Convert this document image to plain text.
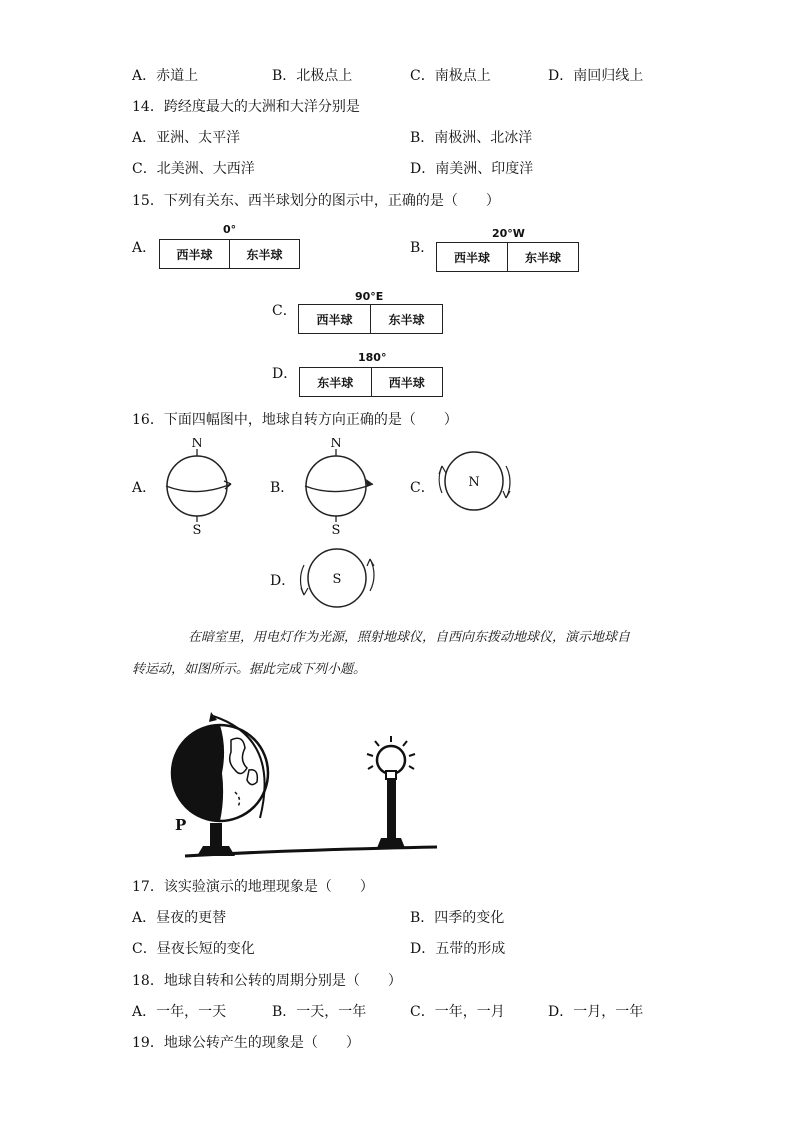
A．赤道上	B．北极点上	C．南极点上	D．南回归线上
14．跨经度最大的大洲和大洋分别是
A．亚洲、太平洋	B．南极洲、北冰洋
C．北美洲、大西洋	D．南美洲、印度洋
15．下列有关东、西半球划分的图示中，正确的是（　　）
A．
0°
西半球	东半球	B．
20°W
西半球	东半球
C．
90°E
西半球	东半球
D．
180°
东半球	西半球
16．下面四幅图中，地球自转方向正确的是（　　）
A．
N
S
B．
N
S
C．	N
D．	S
在暗室里，用电灯作为光源，照射地球仪，自西向东拨动地球仪，演示地球自
转运动，如图所示。据此完成下列小题。
P
17．该实验演示的地理现象是（　　）
A．昼夜的更替	B．四季的变化
C．昼夜长短的变化	D．五带的形成
18．地球自转和公转的周期分别是（　　）
A．一年，一天	B．一天，一年	C．一年，一月	D．一月，一年
19．地球公转产生的现象是（　　）
